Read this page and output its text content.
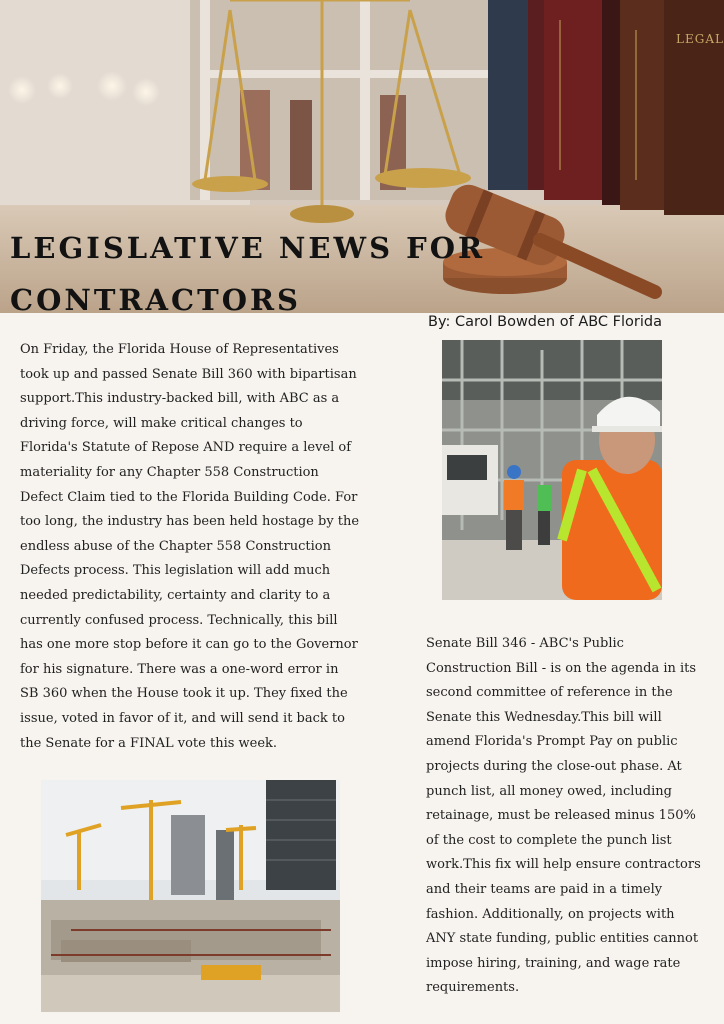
LEGAL
LEGISLATIVE NEWS FOR
CONTRACTORS

By: Carol Bowden of ABC Florida

On Friday, the Florida House of Representatives took up and passed Senate Bill 360 with bipartisan support.This industry-backed bill, with ABC as a driving force, will make critical changes to Florida's Statute of Repose AND require a level of materiality for any Chapter 558 Construction Defect Claim tied to the Florida Building Code. For too long, the industry has been held hostage by the endless abuse of the Chapter 558 Construction Defects process. This legislation will add much needed predictability, certainty and clarity to a currently confused process. Technically, this bill has one more stop before it can go to the Governor for his signature. There was a one-word error in SB 360 when the House took it up. They fixed the issue, voted in favor of it, and will send it back to the Senate for a FINAL vote this week.

Senate Bill 346 - ABC's Public Construction Bill - is on the agenda in its second committee of reference in the Senate this Wednesday.This bill will amend Florida's Prompt Pay on public projects during the close-out phase. At punch list, all money owed, including retainage, must be released minus 150% of the cost to complete the punch list work.This fix will help ensure contractors and their teams are paid in a timely fashion. Additionally, on projects with ANY state funding, public entities cannot impose hiring, training, and wage rate requirements.
